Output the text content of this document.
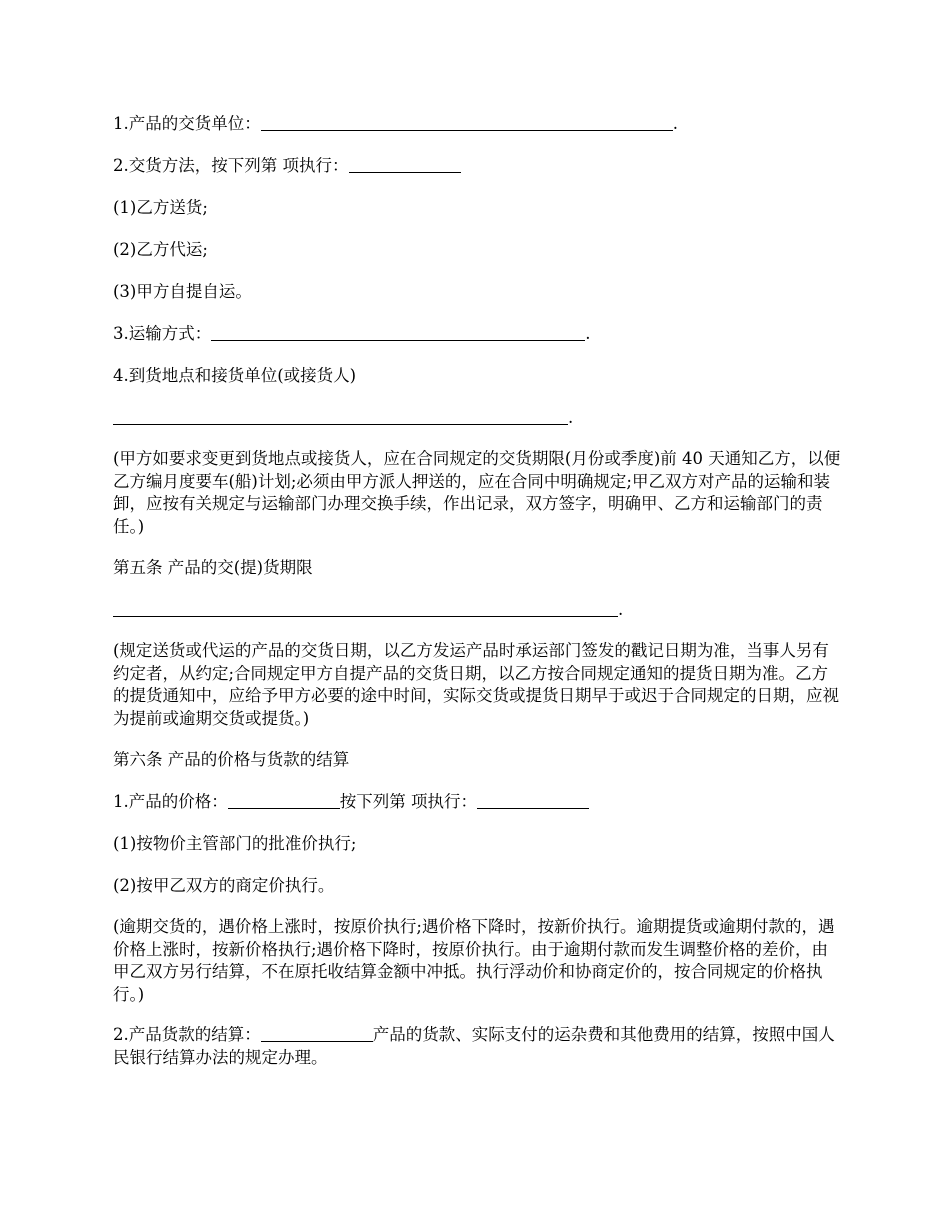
1.产品的交货单位：	.
2.交货方法，按下列第 项执行：
(1)乙方送货;
(2)乙方代运;
(3)甲方自提自运。
3.运输方式：	.
4.到货地点和接货单位(或接货人)
.
(甲方如要求变更到货地点或接货人，应在合同规定的交货期限(月份或季度)前 40 天通知乙方，以便乙方编月度要车(船)计划;必须由甲方派人押送的，应在合同中明确规定;甲乙双方对产品的运输和装卸，应按有关规定与运输部门办理交换手续，作出记录，双方签字，明确甲、乙方和运输部门的责任。)
第五条 产品的交(提)货期限
.
(规定送货或代运的产品的交货日期，以乙方发运产品时承运部门签发的戳记日期为准，当事人另有约定者，从约定;合同规定甲方自提产品的交货日期，以乙方按合同规定通知的提货日期为准。乙方的提货通知中，应给予甲方必要的途中时间，实际交货或提货日期早于或迟于合同规定的日期，应视为提前或逾期交货或提货。)
第六条 产品的价格与货款的结算
1.产品的价格：	按下列第 项执行：
(1)按物价主管部门的批准价执行;
(2)按甲乙双方的商定价执行。
(逾期交货的，遇价格上涨时，按原价执行;遇价格下降时，按新价执行。逾期提货或逾期付款的，遇价格上涨时，按新价格执行;遇价格下降时，按原价执行。由于逾期付款而发生调整价格的差价，由甲乙双方另行结算，不在原托收结算金额中冲抵。执行浮动价和协商定价的，按合同规定的价格执行。)
2.产品货款的结算：	产品的货款、实际支付的运杂费和其他费用的结算，按照中国人民银行结算办法的规定办理。
